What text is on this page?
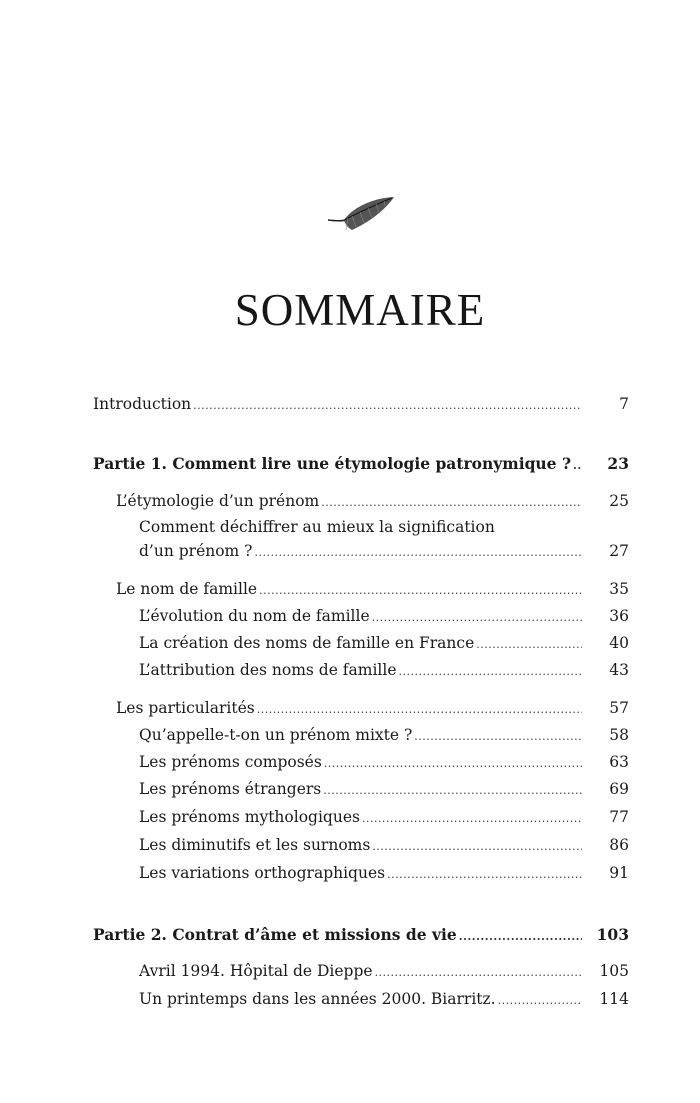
SOMMAIRE
Introduction .....	7
Partie 1. Comment lire une étymologie patronymique ? ..... 23
L’étymologie d’un prénom .....	25
Comment déchiffrer au mieux la signification
d’un prénom ? .....	27
Le nom de famille .....	35
L’évolution du nom de famille .....	36
La création des noms de famille en France .....	40
L’attribution des noms de famille .....	43
Les particularités .....	57
Qu’appelle-t-on un prénom mixte ? .....	58
Les prénoms composés .....	63
Les prénoms étrangers .....	69
Les prénoms mythologiques .....	77
Les diminutifs et les surnoms .....	86
Les variations orthographiques .....	91
Partie 2. Contrat d’âme et missions de vie .....	103
Avril 1994. Hôpital de Dieppe .....	105
Un printemps dans les années 2000. Biarritz. .....	114
